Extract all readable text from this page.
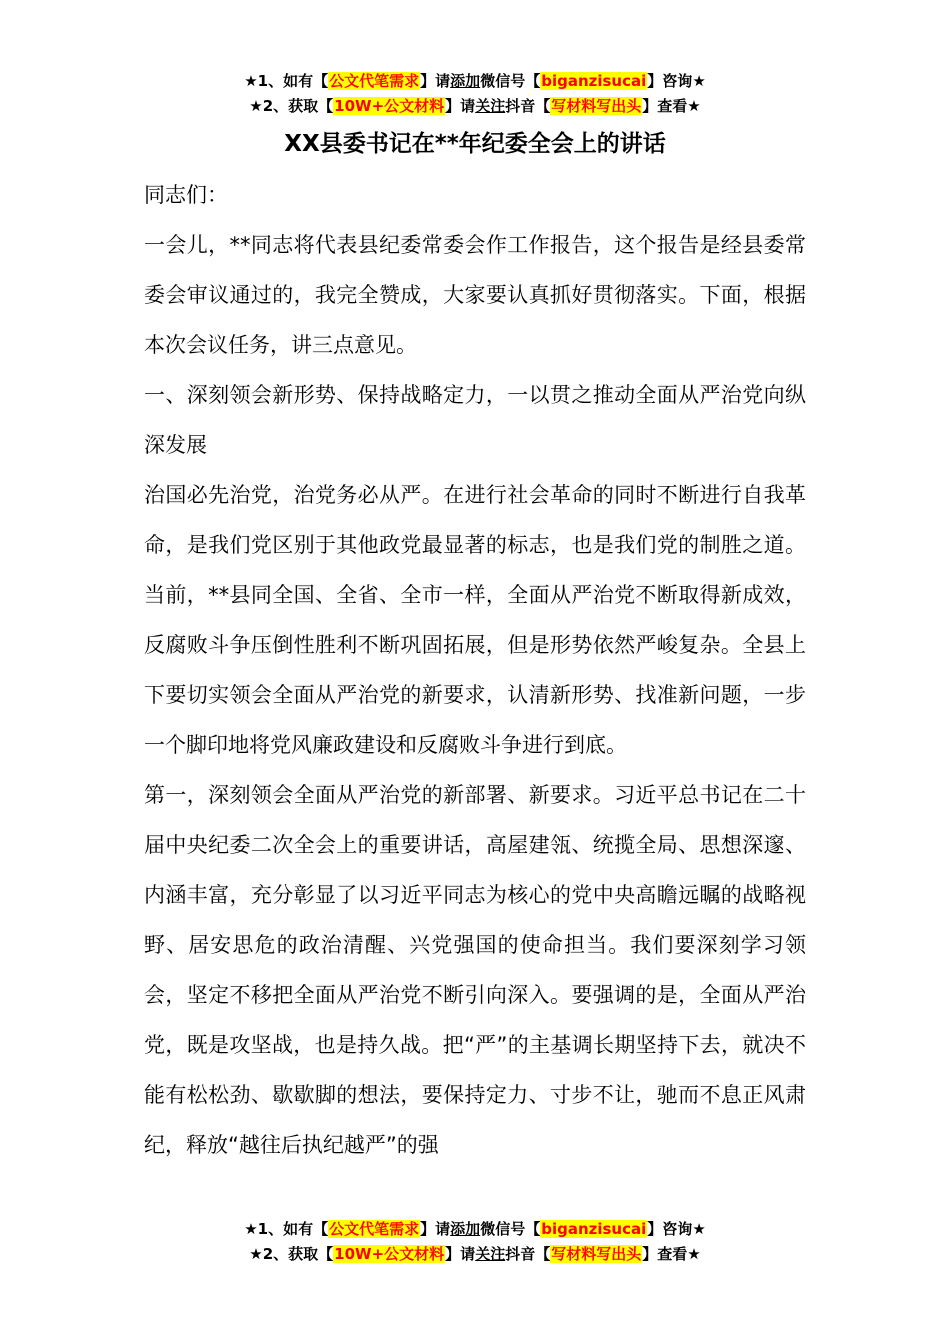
★1、如有【公文代笔需求】请添加微信号【biganzisucai】咨询★
★2、获取【10W+公文材料】请关注抖音【写材料写出头】查看★
XX县委书记在**年纪委全会上的讲话

同志们：

一会儿，**同志将代表县纪委常委会作工作报告，这个报告是经县委常委会审议通过的，我完全赞成，大家要认真抓好贯彻落实。下面，根据本次会议任务，讲三点意见。

一、深刻领会新形势、保持战略定力，一以贯之推动全面从严治党向纵深发展

治国必先治党，治党务必从严。在进行社会革命的同时不断进行自我革命，是我们党区别于其他政党最显著的标志，也是我们党的制胜之道。当前，**县同全国、全省、全市一样，全面从严治党不断取得新成效，反腐败斗争压倒性胜利不断巩固拓展，但是形势依然严峻复杂。全县上下要切实领会全面从严治党的新要求，认清新形势、找准新问题，一步一个脚印地将党风廉政建设和反腐败斗争进行到底。

第一，深刻领会全面从严治党的新部署、新要求。习近平总书记在二十届中央纪委二次全会上的重要讲话，高屋建瓴、统揽全局、思想深邃、内涵丰富，充分彰显了以习近平同志为核心的党中央高瞻远瞩的战略视野、居安思危的政治清醒、兴党强国的使命担当。我们要深刻学习领会，坚定不移把全面从严治党不断引向深入。要强调的是，全面从严治党，既是攻坚战，也是持久战。把“严”的主基调长期坚持下去，就决不能有松松劲、歇歇脚的想法，要保持定力、寸步不让，驰而不息正风肃纪，释放“越往后执纪越严”的强

★1、如有【公文代笔需求】请添加微信号【biganzisucai】咨询★
★2、获取【10W+公文材料】请关注抖音【写材料写出头】查看★
